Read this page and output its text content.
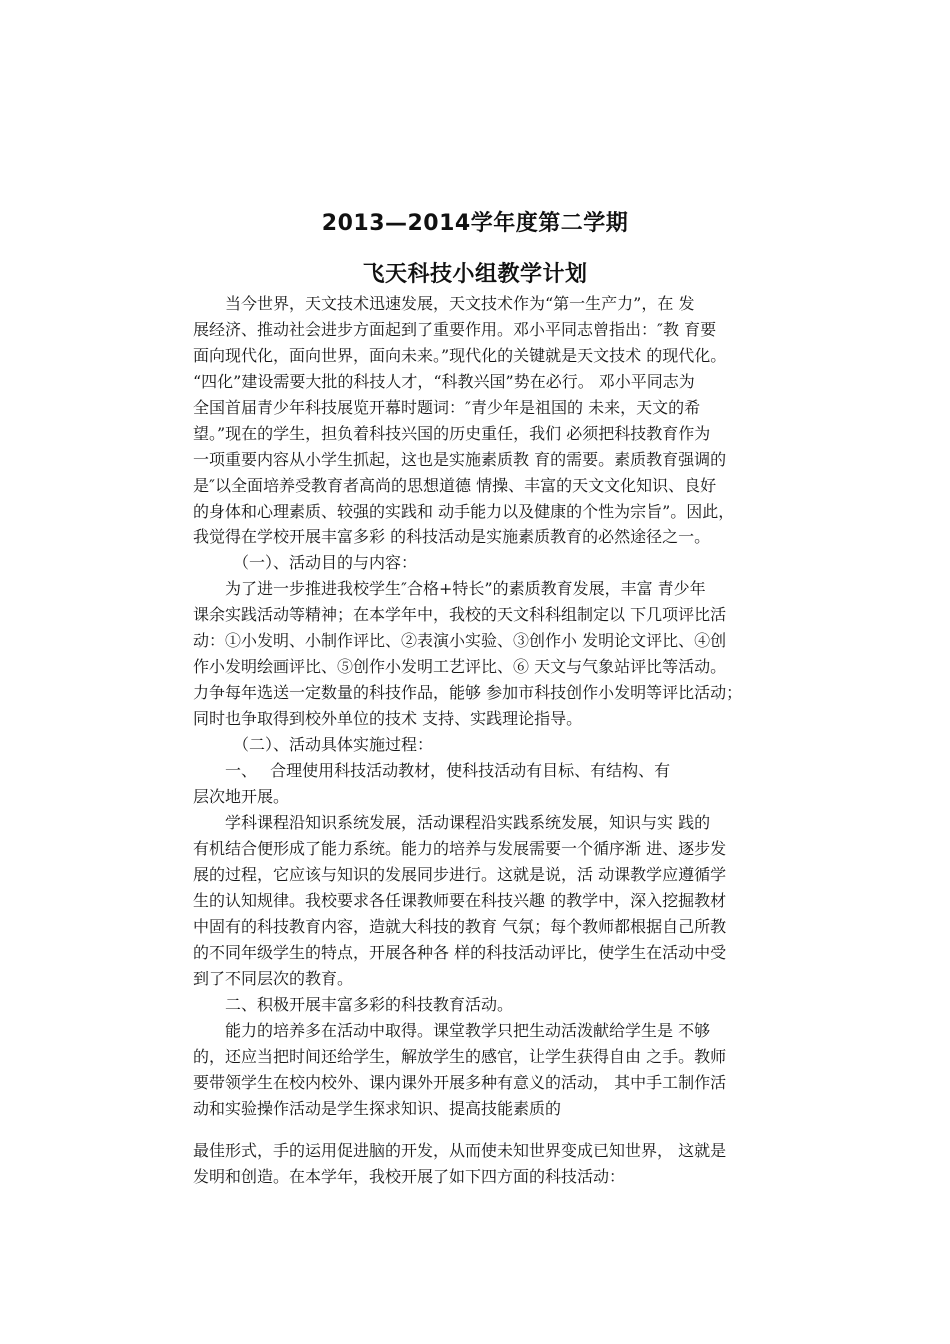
2013—2014学年度第二学期
飞天科技小组教学计划
　　当今世界，天文技术迅速发展，天文技术作为“第一生产力”，在 发
展经济、推动社会进步方面起到了重要作用。邓小平同志曾指出：″教 育要
面向现代化，面向世界，面向未来。”现代化的关键就是天文技术 的现代化。
“四化”建设需要大批的科技人才，“科教兴国”势在必行。 邓小平同志为
全国首届青少年科技展览开幕时题词：″青少年是祖国的 未来，天文的希
望。”现在的学生，担负着科技兴国的历史重任，我们 必须把科技教育作为
一项重要内容从小学生抓起，这也是实施素质教 育的需要。素质教育强调的
是″以全面培养受教育者高尚的思想道德 情操、丰富的天文文化知识、良好
的身体和心理素质、较强的实践和 动手能力以及健康的个性为宗旨”。因此，
我觉得在学校开展丰富多彩 的科技活动是实施素质教育的必然途径之一。
　　　（一）、活动目的与内容：
　　为了进一步推进我校学生″合格+特长”的素质教育发展，丰富 青少年
课余实践活动等精神；在本学年中，我校的天文科科组制定以 下几项评比活
动：①小发明、小制作评比、②表演小实验、③创作小 发明论文评比、④创
作小发明绘画评比、⑤创作小发明工艺评比、⑥ 天文与气象站评比等活动。
力争每年选送一定数量的科技作品，能够 参加市科技创作小发明等评比活动；
同时也争取得到校外单位的技术 支持、实践理论指导。
　　　（二）、活动具体实施过程：
　　一、　 合理使用科技活动教材，使科技活动有目标、有结构、有
层次地开展。
　　学科课程沿知识系统发展，活动课程沿实践系统发展，知识与实 践的
有机结合便形成了能力系统。能力的培养与发展需要一个循序渐 进、逐步发
展的过程，它应该与知识的发展同步进行。这就是说，活 动课教学应遵循学
生的认知规律。我校要求各任课教师要在科技兴趣 的教学中，深入挖掘教材
中固有的科技教育内容，造就大科技的教育 气氛；每个教师都根据自己所教
的不同年级学生的特点，开展各种各 样的科技活动评比，使学生在活动中受
到了不同层次的教育。
　　二、积极开展丰富多彩的科技教育活动。
　　能力的培养多在活动中取得。课堂教学只把生动活泼献给学生是 不够
的，还应当把时间还给学生，解放学生的感官，让学生获得自由 之手。教师
要带领学生在校内校外、课内课外开展多种有意义的活动， 其中手工制作活
动和实验操作活动是学生探求知识、提高技能素质的
最佳形式，手的运用促进脑的开发，从而使未知世界变成已知世界， 这就是
发明和创造。在本学年，我校开展了如下四方面的科技活动：
